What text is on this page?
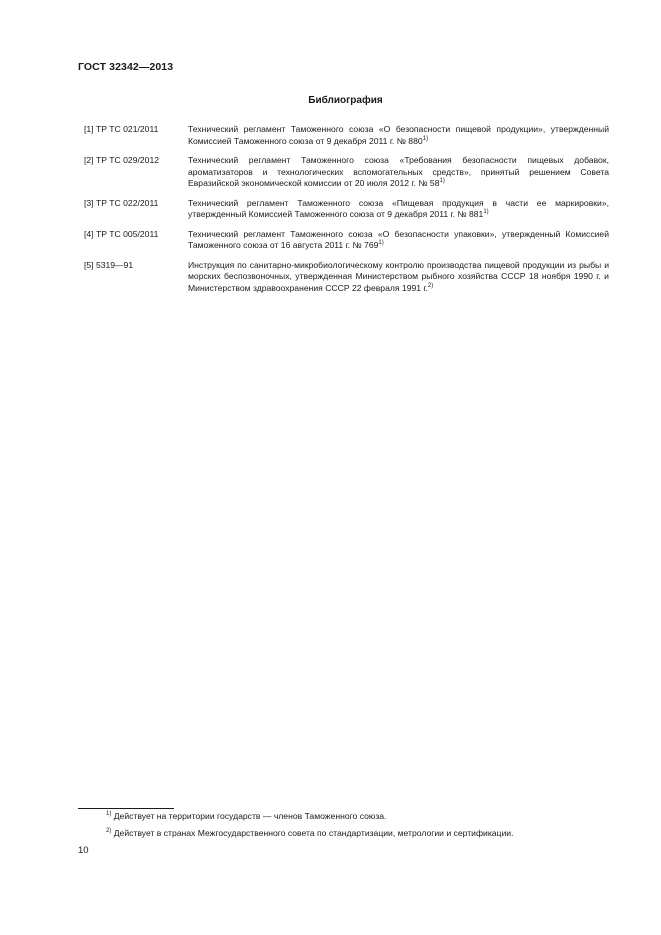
ГОСТ 32342—2013
Библиография
[1] ТР ТС 021/2011	Технический регламент Таможенного союза «О безопасности пищевой продукции», утвержденный Комиссией Таможенного союза от 9 декабря 2011 г. № 880$^{1)}$
[2] ТР ТС 029/2012	Технический регламент Таможенного союза «Требования безопасности пищевых добавок, ароматизаторов и технологических вспомогательных средств», принятый решением Совета Евразийской экономической комиссии от 20 июля 2012 г. № 58$^{1)}$
[3] ТР ТС 022/2011	Технический регламент Таможенного союза «Пищевая продукция в части ее маркировки», утвержденный Комиссией Таможенного союза от 9 декабря 2011 г. № 881$^{1)}$
[4] ТР ТС 005/2011	Технический регламент Таможенного союза «О безопасности упаковки», утвержденный Комиссией Таможенного союза от 16 августа 2011 г. № 769$^{1)}$
[5] 5319—91	Инструкция по санитарно-микробиологическому контролю производства пищевой продукции из рыбы и морских беспозвоночных, утвержденная Министерством рыбного хозяйства СССР 18 ноября 1990 г. и Министерством здравоохранения СССР 22 февраля 1991 г.$^{2)}$
$^{1)}$ Действует на территории государств — членов Таможенного союза.
$^{2)}$ Действует в странах Межгосударственного совета по стандартизации, метрологии и сертификации.
10
